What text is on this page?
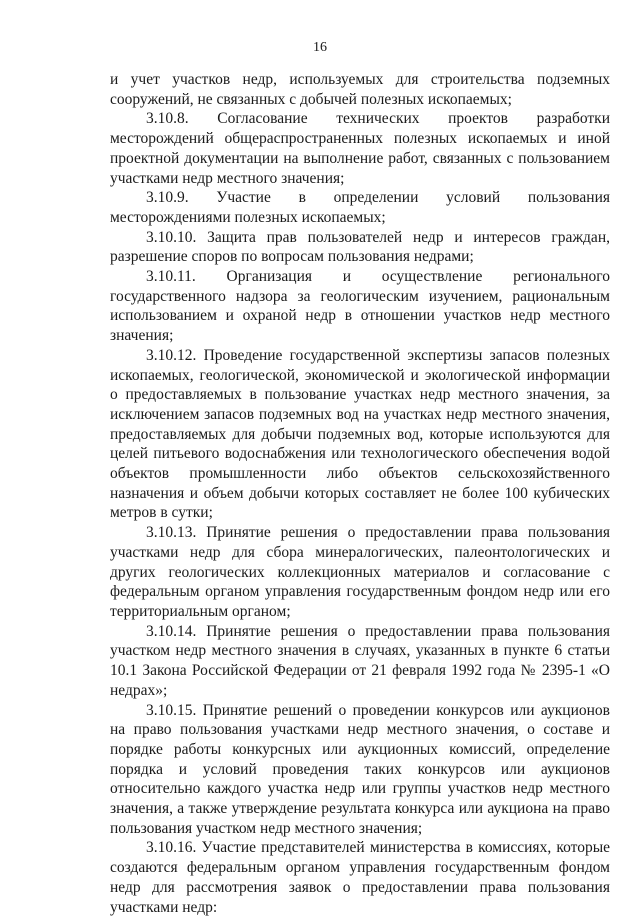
16

и учет участков недр, используемых для строительства подземных сооружений, не связанных с добычей полезных ископаемых;

3.10.8. Согласование технических проектов разработки месторождений общераспространенных полезных ископаемых и иной проектной документации на выполнение работ, связанных с пользованием участками недр местного значения;

3.10.9. Участие в определении условий пользования месторождениями полезных ископаемых;

3.10.10. Защита прав пользователей недр и интересов граждан, разрешение споров по вопросам пользования недрами;

3.10.11. Организация и осуществление регионального государственного надзора за геологическим изучением, рациональным использованием и охраной недр в отношении участков недр местного значения;

3.10.12. Проведение государственной экспертизы запасов полезных ископаемых, геологической, экономической и экологической информации о предоставляемых в пользование участках недр местного значения, за исключением запасов подземных вод на участках недр местного значения, предоставляемых для добычи подземных вод, которые используются для целей питьевого водоснабжения или технологического обеспечения водой объектов промышленности либо объектов сельскохозяйственного назначения и объем добычи которых составляет не более 100 кубических метров в сутки;

3.10.13. Принятие решения о предоставлении права пользования участками недр для сбора минералогических, палеонтологических и других геологических коллекционных материалов и согласование с федеральным органом управления государственным фондом недр или его территориальным органом;

3.10.14. Принятие решения о предоставлении права пользования участком недр местного значения в случаях, указанных в пункте 6 статьи 10.1 Закона Российской Федерации от 21 февраля 1992 года № 2395-1 «О недрах»;

3.10.15. Принятие решений о проведении конкурсов или аукционов на право пользования участками недр местного значения, о составе и порядке работы конкурсных или аукционных комиссий, определение порядка и условий проведения таких конкурсов или аукционов относительно каждого участка недр или группы участков недр местного значения, а также утверждение результата конкурса или аукциона на право пользования участком недр местного значения;

3.10.16. Участие представителей министерства в комиссиях, которые создаются федеральным органом управления государственным фондом недр для рассмотрения заявок о предоставлении права пользования участками недр:
